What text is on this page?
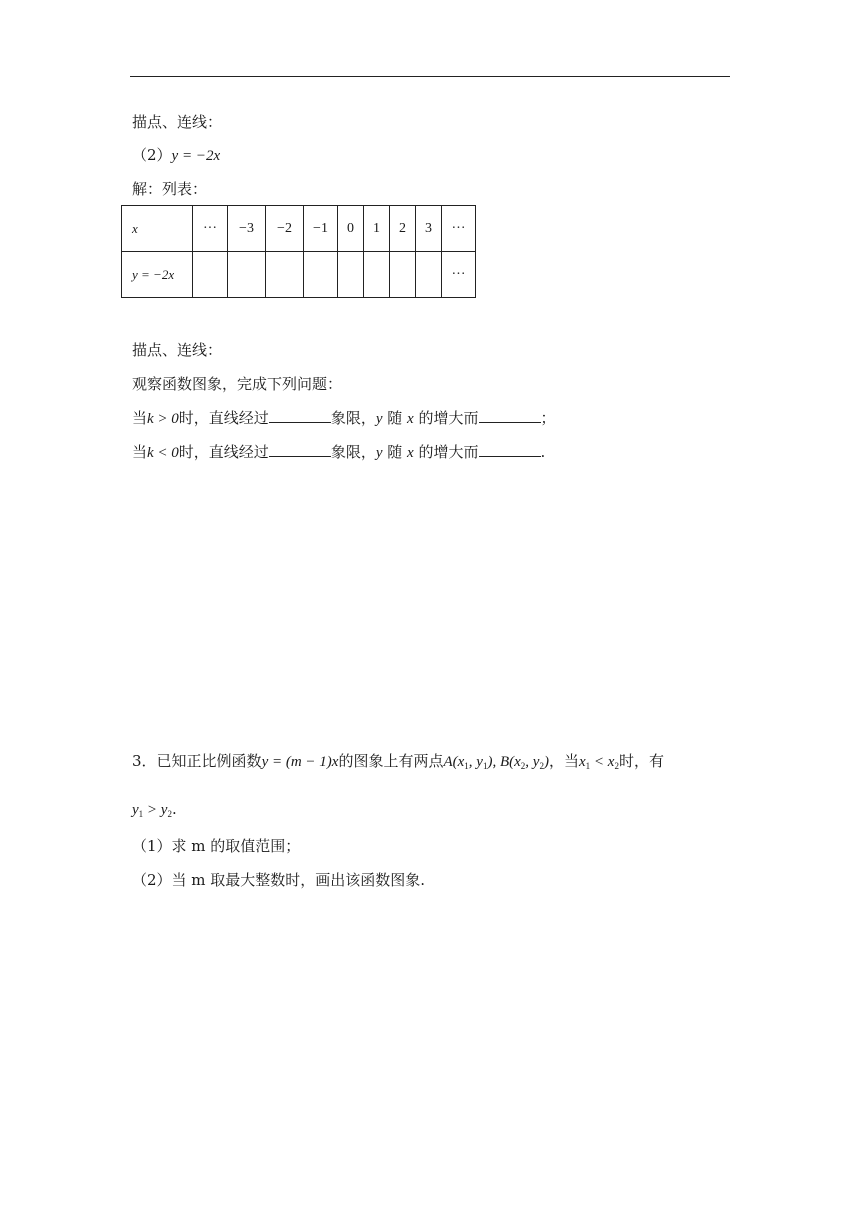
描点、连线：
（2）y = −2x
解：列表：
x	···	−3	−2	−1	0	1	2	3	···
y = −2x									···
描点、连线：
观察函数图象，完成下列问题：
当k > 0时，直线经过	象限，y 随 x 的增大而	；
当k < 0时，直线经过	象限，y 随 x 的增大而	.
3．已知正比例函数y = (m − 1)x的图象上有两点$A(x_1$, $y_1$), $B(x_2$, $y_2$)，当$x_1 < x_2$时，有
$y_1 > y_2$.
（1）求 m 的取值范围；
（2）当 m 取最大整数时，画出该函数图象.
